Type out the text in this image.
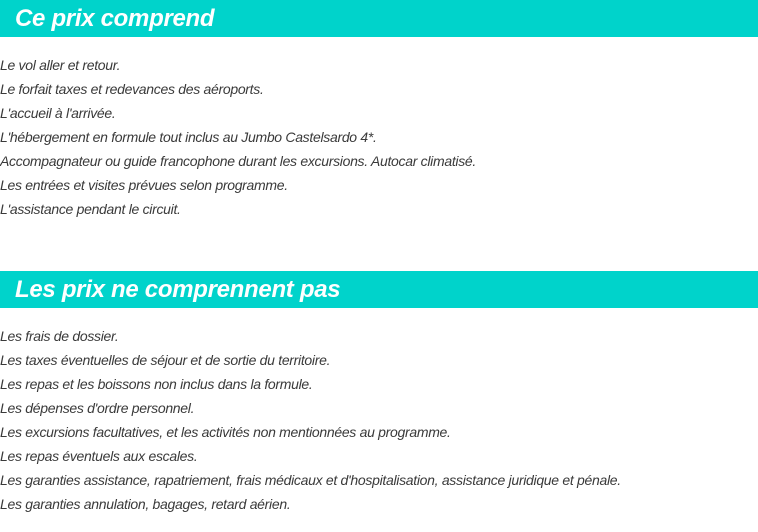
Ce prix comprend
Le vol aller et retour.
Le forfait taxes et redevances des aéroports.
L'accueil à l'arrivée.
L'hébergement en formule tout inclus au Jumbo Castelsardo 4*.
Accompagnateur ou guide francophone durant les excursions. Autocar climatisé.
Les entrées et visites prévues selon programme.
L'assistance pendant le circuit.
Les prix ne comprennent pas
Les frais de dossier.
Les taxes éventuelles de séjour et de sortie du territoire.
Les repas et les boissons non inclus dans la formule.
Les dépenses d'ordre personnel.
Les excursions facultatives, et les activités non mentionnées au programme.
Les repas éventuels aux escales.
Les garanties assistance, rapatriement, frais médicaux et d'hospitalisation, assistance juridique et pénale.
Les garanties annulation, bagages, retard aérien.
